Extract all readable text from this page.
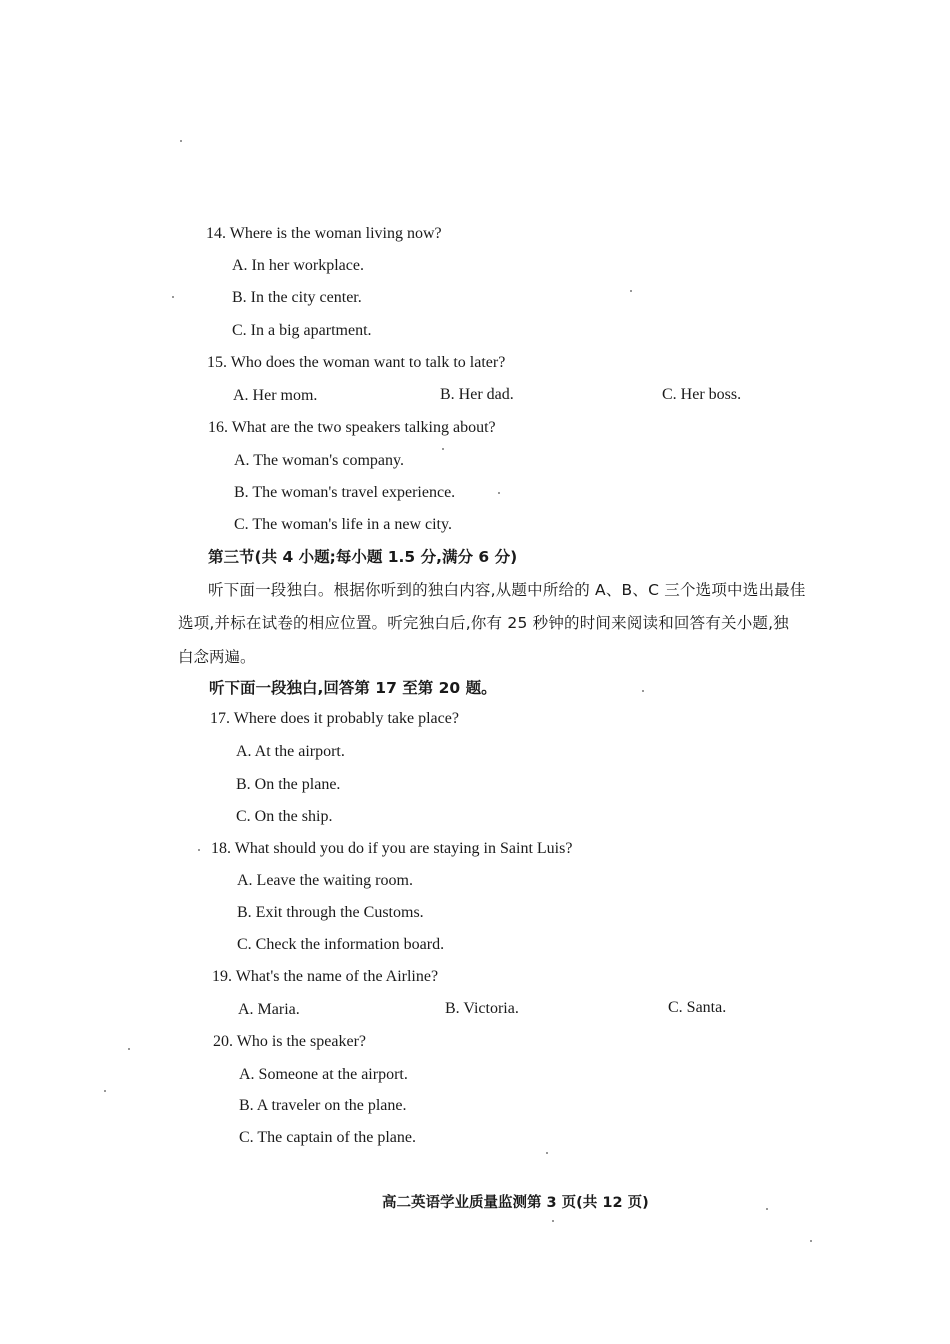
14. Where is the woman living now?
A. In her workplace.
B. In the city center.
C. In a big apartment.
15. Who does the woman want to talk to later?
A. Her mom.	B. Her dad.	C. Her boss.
16. What are the two speakers talking about?
A. The woman's company.
B. The woman's travel experience.
C. The woman's life in a new city.
第三节(共 4 小题;每小题 1.5 分,满分 6 分)
听下面一段独白。根据你听到的独白内容,从题中所给的 A、B、C 三个选项中选出最佳
选项,并标在试卷的相应位置。听完独白后,你有 25 秒钟的时间来阅读和回答有关小题,独
白念两遍。
听下面一段独白,回答第 17 至第 20 题。
17. Where does it probably take place?
A. At the airport.
B. On the plane.
C. On the ship.
18. What should you do if you are staying in Saint Luis?
A. Leave the waiting room.
B. Exit through the Customs.
C. Check the information board.
19. What's the name of the Airline?
A. Maria.	B. Victoria.	C. Santa.
20. Who is the speaker?
A. Someone at the airport.
B. A traveler on the plane.
C. The captain of the plane.
高二英语学业质量监测第 3 页(共 12 页)
